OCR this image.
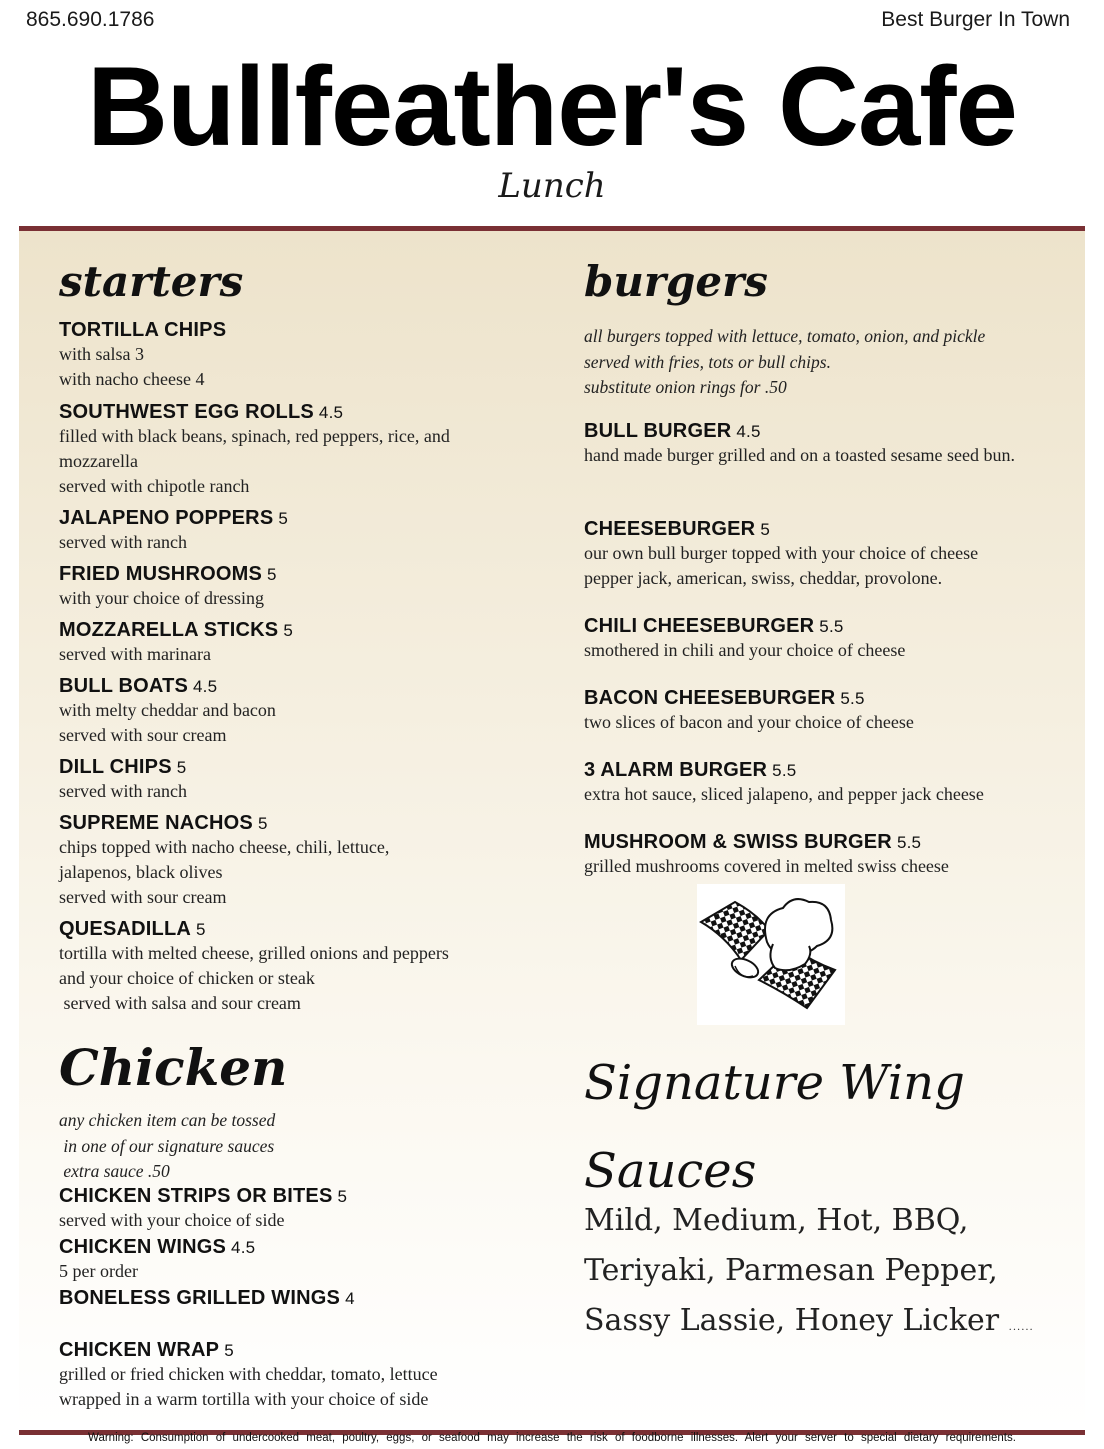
865.690.1786	Best Burger In Town
Bullfeather's Cafe
Lunch
starters
TORTILLA CHIPS
with salsa 3
with nacho cheese 4
SOUTHWEST EGG ROLLS 4.5
filled with black beans, spinach, red peppers, rice, and mozzarella
served with chipotle ranch
JALAPENO POPPERS 5
served with ranch
FRIED MUSHROOMS 5
with your choice of dressing
MOZZARELLA STICKS 5
served with marinara
BULL BOATS 4.5
with melty cheddar and bacon
served with sour cream
DILL CHIPS 5
served with ranch
SUPREME NACHOS 5
chips topped with nacho cheese, chili, lettuce, jalapenos, black olives
served with sour cream
QUESADILLA 5
tortilla with melted cheese, grilled onions and peppers
and your choice of chicken or steak
served with salsa and sour cream
Chicken
any chicken item can be tossed
in one of our signature sauces
extra sauce .50
CHICKEN STRIPS OR BITES 5
served with your choice of side
CHICKEN WINGS 4.5
5 per order
BONELESS GRILLED WINGS 4
CHICKEN WRAP 5
grilled or fried chicken with cheddar, tomato, lettuce
wrapped in a warm tortilla with your choice of side
burgers
all burgers topped with lettuce, tomato, onion, and pickle
served with fries, tots or bull chips.
substitute onion rings for .50
BULL BURGER 4.5
hand made burger grilled and on a toasted sesame seed bun.
CHEESEBURGER 5
our own bull burger topped with your choice of cheese
pepper jack, american, swiss, cheddar, provolone.
CHILI CHEESEBURGER 5.5
smothered in chili and your choice of cheese
BACON CHEESEBURGER 5.5
two slices of bacon and your choice of cheese
3 ALARM BURGER 5.5
extra hot sauce, sliced jalapeno, and pepper jack cheese
MUSHROOM & SWISS BURGER 5.5
grilled mushrooms covered in melted swiss cheese
Signature Wing Sauces
Mild, Medium, Hot, BBQ, Teriyaki, Parmesan Pepper, Sassy Lassie, Honey Licker ......
Warning: Consumption of undercooked meat, poultry, eggs, or seafood may increase the risk of foodborne illnesses. Alert your server to special dietary requirements.
